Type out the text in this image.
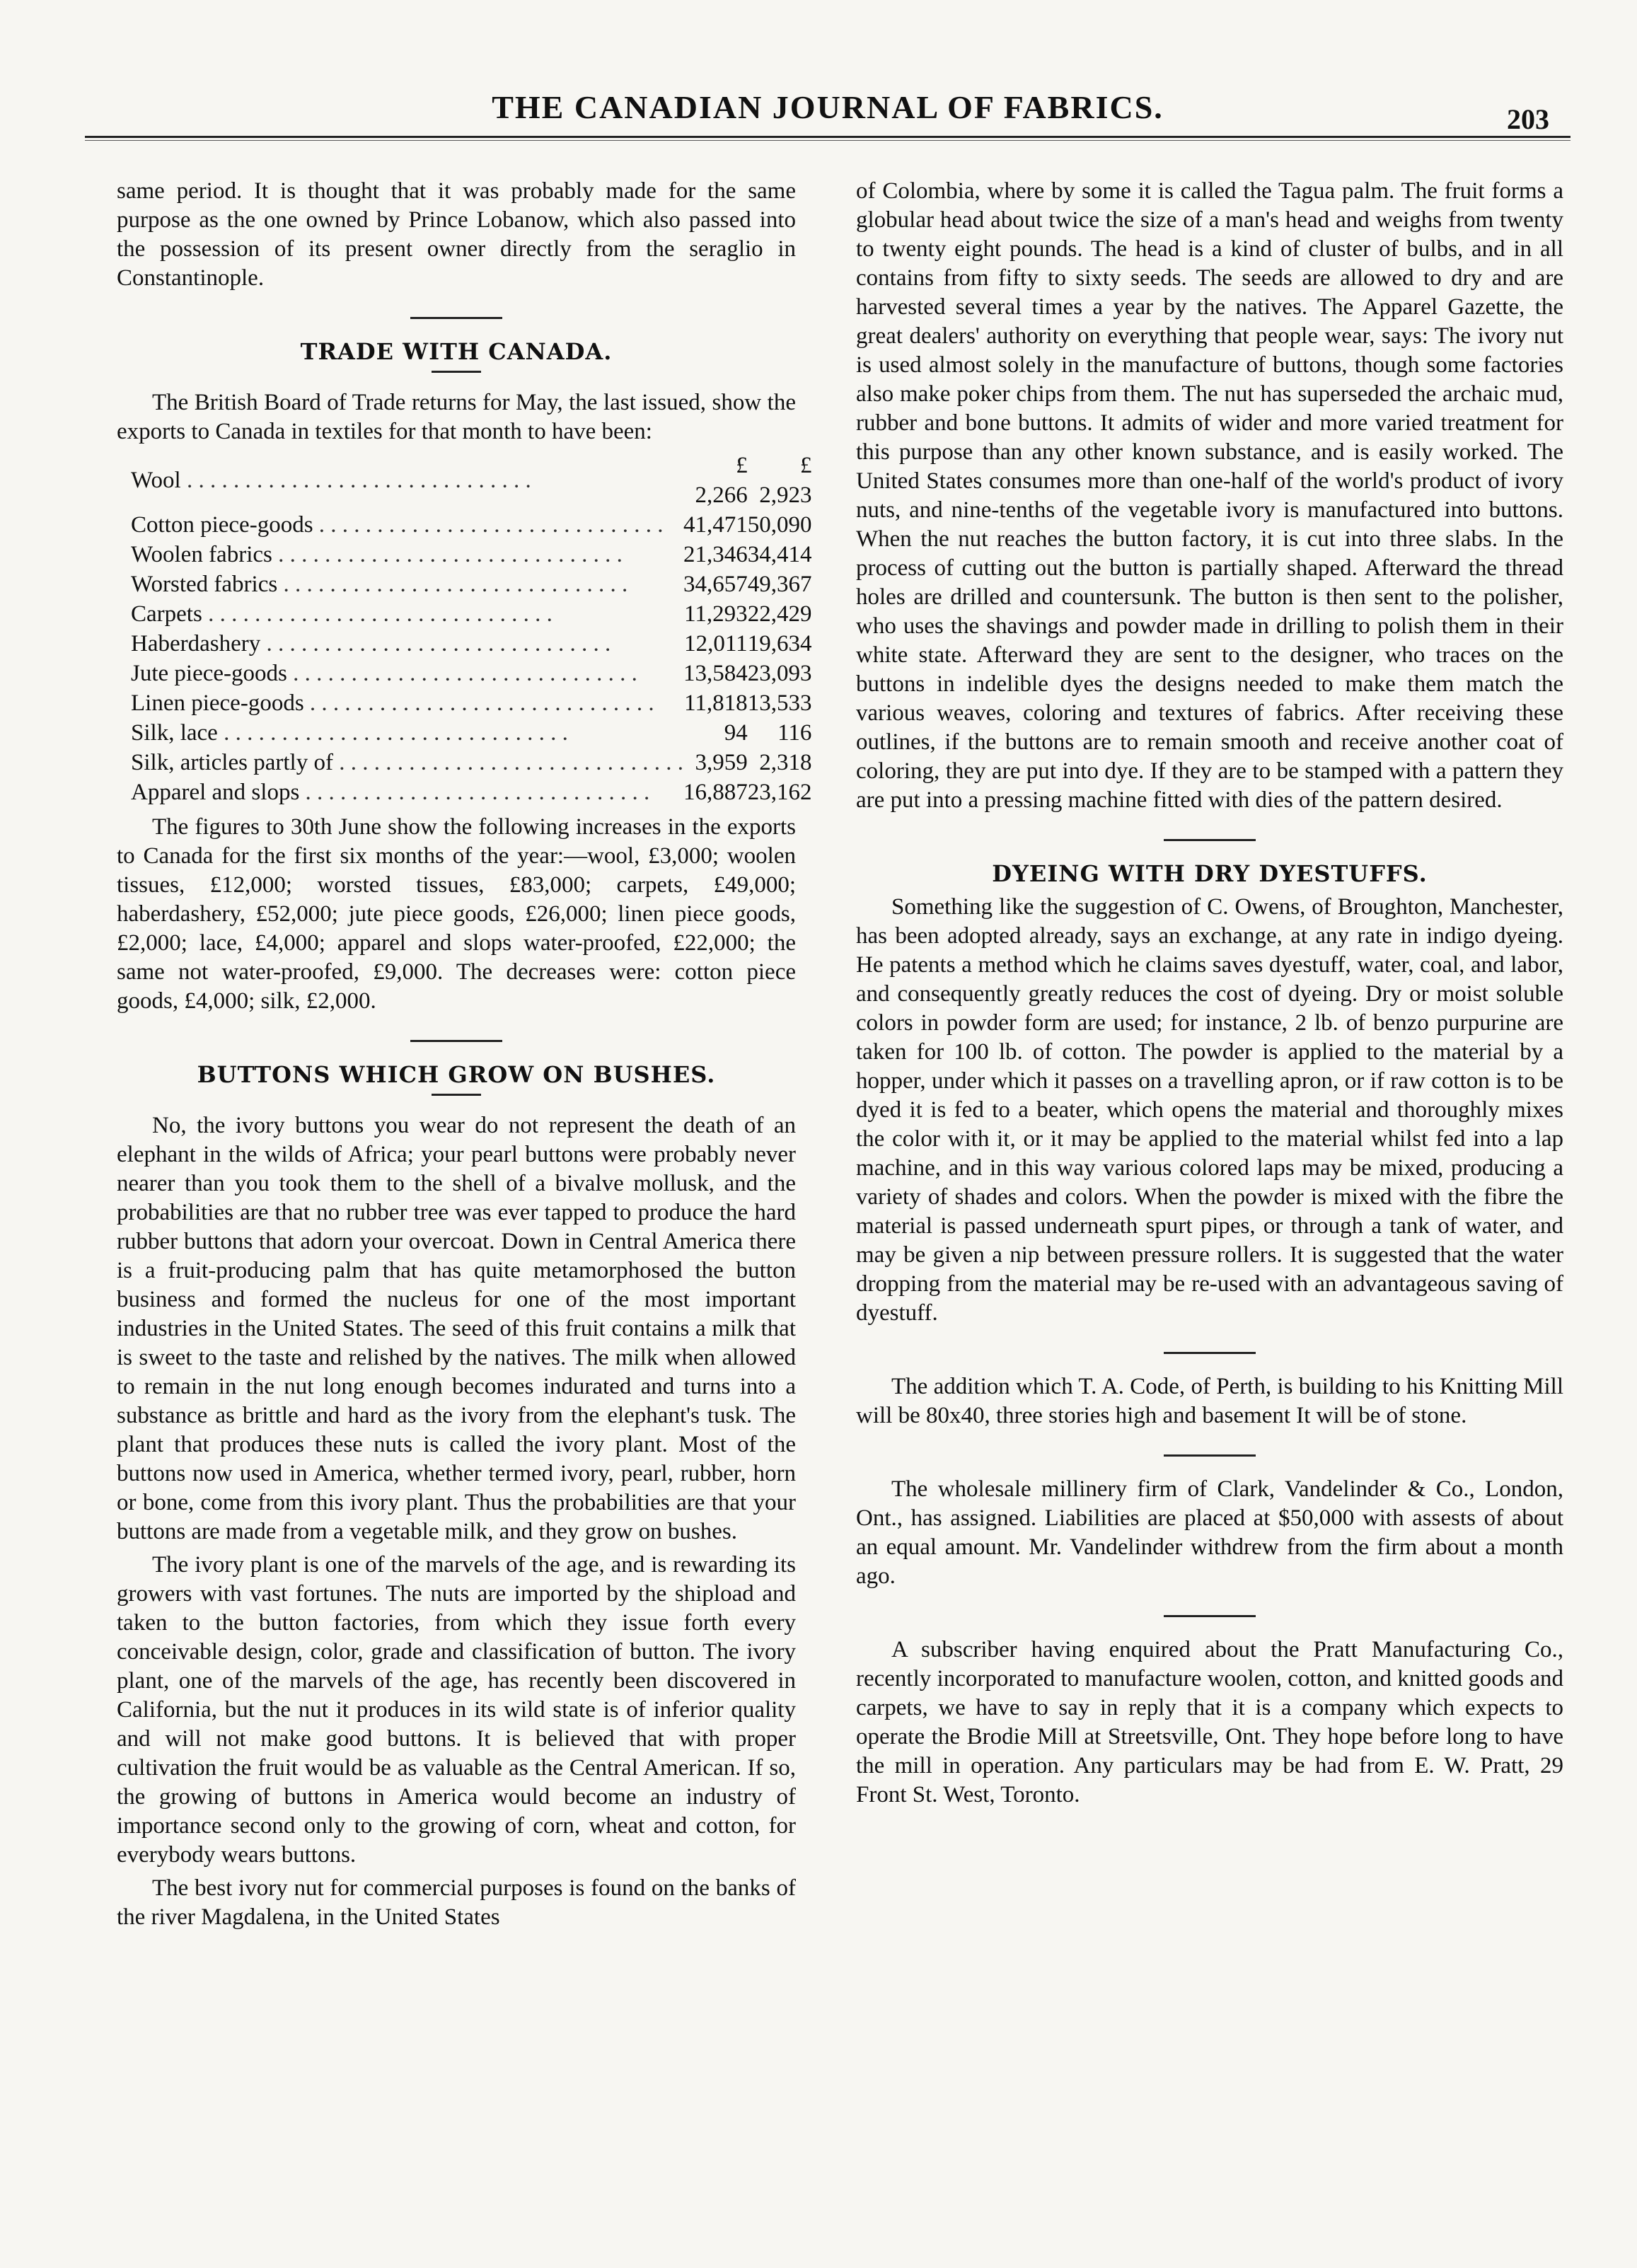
THE CANADIAN JOURNAL OF FABRICS.	203

same period. It is thought that it was probably made for the same purpose as the one owned by Prince Lobanow, which also passed into the possession of its present owner directly from the seraglio in Constantinople.

TRADE WITH CANADA.

The British Board of Trade returns for May, the last issued, show the exports to Canada in textiles for that month to have been:

Wool . . . . . . . . . . . . . . . . . . . . . . . . . . . . . .	£ 2,266	£ 2,923
Cotton piece-goods . . . . . . . . . . . . . . . . . . . . . . . . . . . . . .	41,471	50,090
Woolen fabrics . . . . . . . . . . . . . . . . . . . . . . . . . . . . . .	21,346	34,414
Worsted fabrics . . . . . . . . . . . . . . . . . . . . . . . . . . . . . .	34,657	49,367
Carpets . . . . . . . . . . . . . . . . . . . . . . . . . . . . . .	11,293	22,429
Haberdashery . . . . . . . . . . . . . . . . . . . . . . . . . . . . . .	12,011	19,634
Jute piece-goods . . . . . . . . . . . . . . . . . . . . . . . . . . . . . .	13,584	23,093
Linen piece-goods . . . . . . . . . . . . . . . . . . . . . . . . . . . . . .	11,818	13,533
Silk, lace . . . . . . . . . . . . . . . . . . . . . . . . . . . . . .	94	116
Silk, articles partly of . . . . . . . . . . . . . . . . . . . . . . . . . . . . . .	3,959	2,318
Apparel and slops . . . . . . . . . . . . . . . . . . . . . . . . . . . . . .	16,887	23,162

The figures to 30th June show the following increases in the exports to Canada for the first six months of the year:—wool, £3,000; woolen tissues, £12,000; worsted tissues, £83,000; carpets, £49,000; haberdashery, £52,000; jute piece goods, £26,000; linen piece goods, £2,000; lace, £4,000; apparel and slops water-proofed, £22,000; the same not water-proofed, £9,000. The decreases were: cotton piece goods, £4,000; silk, £2,000.

BUTTONS WHICH GROW ON BUSHES.

No, the ivory buttons you wear do not represent the death of an elephant in the wilds of Africa; your pearl buttons were probably never nearer than you took them to the shell of a bivalve mollusk, and the probabilities are that no rubber tree was ever tapped to produce the hard rubber buttons that adorn your overcoat. Down in Central America there is a fruit-producing palm that has quite metamorphosed the button business and formed the nucleus for one of the most important industries in the United States. The seed of this fruit contains a milk that is sweet to the taste and relished by the natives. The milk when allowed to remain in the nut long enough becomes indurated and turns into a substance as brittle and hard as the ivory from the elephant's tusk. The plant that produces these nuts is called the ivory plant. Most of the buttons now used in America, whether termed ivory, pearl, rubber, horn or bone, come from this ivory plant. Thus the probabilities are that your buttons are made from a vegetable milk, and they grow on bushes.

The ivory plant is one of the marvels of the age, and is rewarding its growers with vast fortunes. The nuts are imported by the shipload and taken to the button factories, from which they issue forth every conceivable design, color, grade and classification of button. The ivory plant, one of the marvels of the age, has recently been discovered in California, but the nut it produces in its wild state is of inferior quality and will not make good buttons. It is believed that with proper cultivation the fruit would be as valuable as the Central American. If so, the growing of buttons in America would become an industry of importance second only to the growing of corn, wheat and cotton, for everybody wears buttons.

The best ivory nut for commercial purposes is found on the banks of the river Magdalena, in the United States

of Colombia, where by some it is called the Tagua palm. The fruit forms a globular head about twice the size of a man's head and weighs from twenty to twenty eight pounds. The head is a kind of cluster of bulbs, and in all contains from fifty to sixty seeds. The seeds are allowed to dry and are harvested several times a year by the natives. The Apparel Gazette, the great dealers' authority on everything that people wear, says: The ivory nut is used almost solely in the manufacture of buttons, though some factories also make poker chips from them. The nut has superseded the archaic mud, rubber and bone buttons. It admits of wider and more varied treatment for this purpose than any other known substance, and is easily worked. The United States consumes more than one-half of the world's product of ivory nuts, and nine-tenths of the vegetable ivory is manufactured into buttons. When the nut reaches the button factory, it is cut into three slabs. In the process of cutting out the button is partially shaped. Afterward the thread holes are drilled and countersunk. The button is then sent to the polisher, who uses the shavings and powder made in drilling to polish them in their white state. Afterward they are sent to the designer, who traces on the buttons in indelible dyes the designs needed to make them match the various weaves, coloring and textures of fabrics. After receiving these outlines, if the buttons are to remain smooth and receive another coat of coloring, they are put into dye. If they are to be stamped with a pattern they are put into a pressing machine fitted with dies of the pattern desired.

DYEING WITH DRY DYESTUFFS.

Something like the suggestion of C. Owens, of Broughton, Manchester, has been adopted already, says an exchange, at any rate in indigo dyeing. He patents a method which he claims saves dyestuff, water, coal, and labor, and consequently greatly reduces the cost of dyeing. Dry or moist soluble colors in powder form are used; for instance, 2 lb. of benzo purpurine are taken for 100 lb. of cotton. The powder is applied to the material by a hopper, under which it passes on a travelling apron, or if raw cotton is to be dyed it is fed to a beater, which opens the material and thoroughly mixes the color with it, or it may be applied to the material whilst fed into a lap machine, and in this way various colored laps may be mixed, producing a variety of shades and colors. When the powder is mixed with the fibre the material is passed underneath spurt pipes, or through a tank of water, and may be given a nip between pressure rollers. It is suggested that the water dropping from the material may be re-used with an advantageous saving of dyestuff.

The addition which T. A. Code, of Perth, is building to his Knitting Mill will be 80x40, three stories high and basement It will be of stone.

The wholesale millinery firm of Clark, Vandelinder & Co., London, Ont., has assigned. Liabilities are placed at $50,000 with assests of about an equal amount. Mr. Vandelinder withdrew from the firm about a month ago.

A subscriber having enquired about the Pratt Manufacturing Co., recently incorporated to manufacture woolen, cotton, and knitted goods and carpets, we have to say in reply that it is a company which expects to operate the Brodie Mill at Streetsville, Ont. They hope before long to have the mill in operation. Any particulars may be had from E. W. Pratt, 29 Front St. West, Toronto.
